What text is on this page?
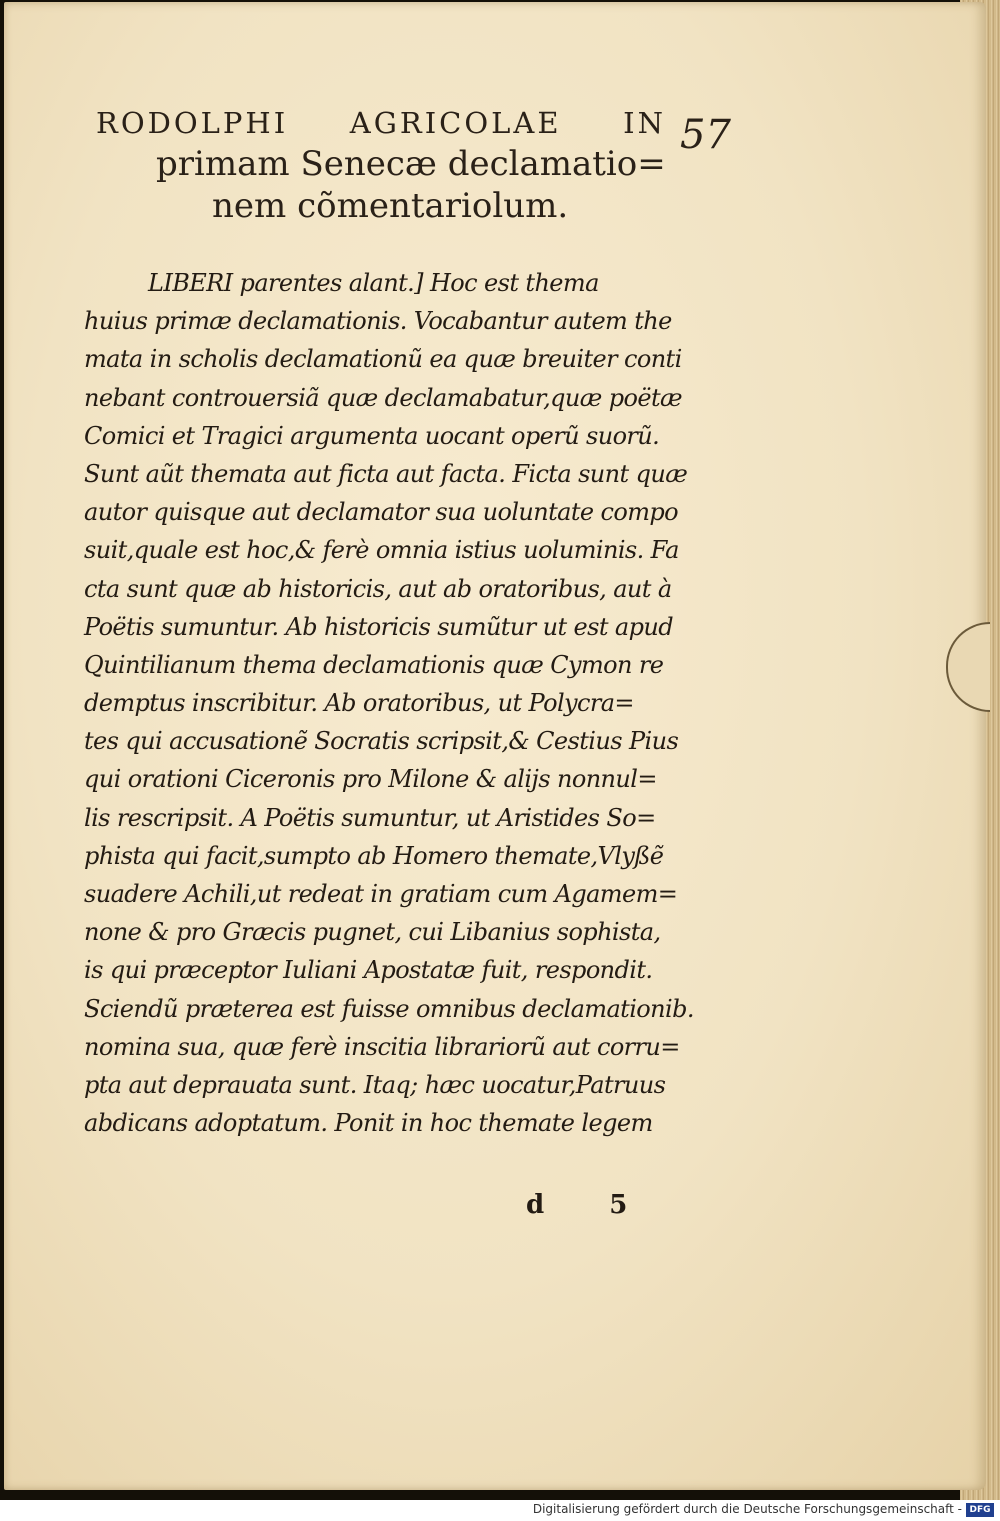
RODOLPHI AGRICOLAE IN 57
primam Senecæ declamatio=
nem cõmentariolum.
LIBERI parentes alant.] Hoc est thema
huius primæ declamationis. Vocabantur autem the
mata in scholis declamationũ ea quæ breuiter conti
nebant controuersiã quæ declamabatur,quæ poëtæ
Comici et Tragici argumenta uocant operũ suorũ.
Sunt aũt themata aut ficta aut facta. Ficta sunt quæ
autor quisque aut declamator sua uoluntate compo
suit,quale est hoc,& ferè omnia istius uoluminis. Fa
cta sunt quæ ab historicis, aut ab oratoribus, aut à
Poëtis sumuntur. Ab historicis sumũtur ut est apud
Quintilianum thema declamationis quæ Cymon re
demptus inscribitur. Ab oratoribus, ut Polycra=
tes qui accusationẽ Socratis scripsit,& Cestius Pius
qui orationi Ciceronis pro Milone & alijs nonnul=
lis rescripsit. A Poëtis sumuntur, ut Aristides So=
phista qui facit,sumpto ab Homero themate,Vlyßẽ
suadere Achili,ut redeat in gratiam cum Agamem=
none & pro Græcis pugnet, cui Libanius sophista,
is qui præceptor Iuliani Apostatæ fuit, respondit.
Sciendũ præterea est fuisse omnibus declamationib.
nomina sua, quæ ferè inscitia librariorũ aut corru=
pta aut deprauata sunt. Itaq; hæc uocatur,Patruus
abdicans adoptatum. Ponit in hoc themate legem
d 5
Digitalisierung gefördert durch die Deutsche Forschungsgemeinschaft - DFG
